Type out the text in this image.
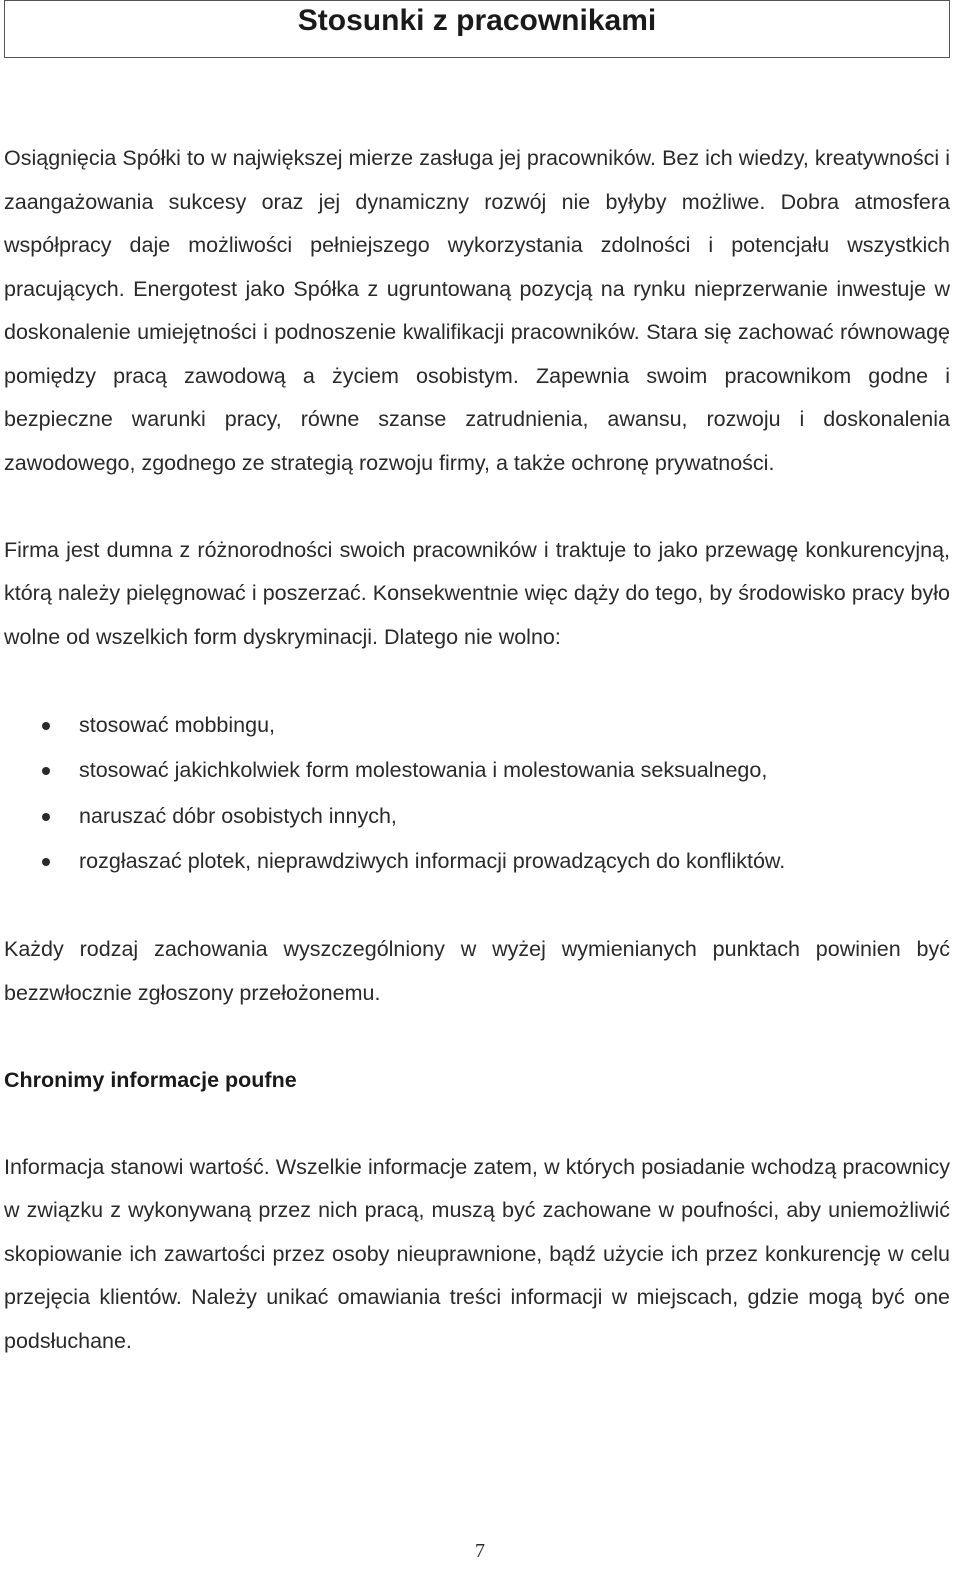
Stosunki z pracownikami

Osiągnięcia Spółki to w największej mierze zasługa jej pracowników. Bez ich wiedzy, kreatywności i zaangażowania sukcesy oraz jej dynamiczny rozwój nie byłyby możliwe. Dobra atmosfera współpracy daje możliwości pełniejszego wykorzystania zdolności i potencjału wszystkich pracujących. Energotest jako Spółka z ugruntowaną pozycją na rynku nieprzerwanie inwestuje w doskonalenie umiejętności i podnoszenie kwalifikacji pracowników. Stara się zachować równowagę pomiędzy pracą zawodową a życiem osobistym. Zapewnia swoim pracownikom godne i bezpieczne warunki pracy, równe szanse zatrudnienia, awansu, rozwoju i doskonalenia zawodowego, zgodnego ze strategią rozwoju firmy, a także ochronę prywatności.

Firma jest dumna z różnorodności swoich pracowników i traktuje to jako przewagę konkurencyjną, którą należy pielęgnować i poszerzać. Konsekwentnie więc dąży do tego, by środowisko pracy było wolne od wszelkich form dyskryminacji. Dlatego nie wolno:

stosować mobbingu,
stosować jakichkolwiek form molestowania i molestowania seksualnego,
naruszać dóbr osobistych innych,
rozgłaszać plotek, nieprawdziwych informacji prowadzących do konfliktów.

Każdy rodzaj zachowania wyszczególniony w wyżej wymienianych punktach powinien być bezzwłocznie zgłoszony przełożonemu.

Chronimy informacje poufne

Informacja stanowi wartość. Wszelkie informacje zatem, w których posiadanie wchodzą pracownicy w związku z wykonywaną przez nich pracą, muszą być zachowane w poufności, aby uniemożliwić skopiowanie ich zawartości przez osoby nieuprawnione, bądź użycie ich przez konkurencję w celu przejęcia klientów. Należy unikać omawiania treści informacji w miejscach, gdzie mogą być one podsłuchane.

7
